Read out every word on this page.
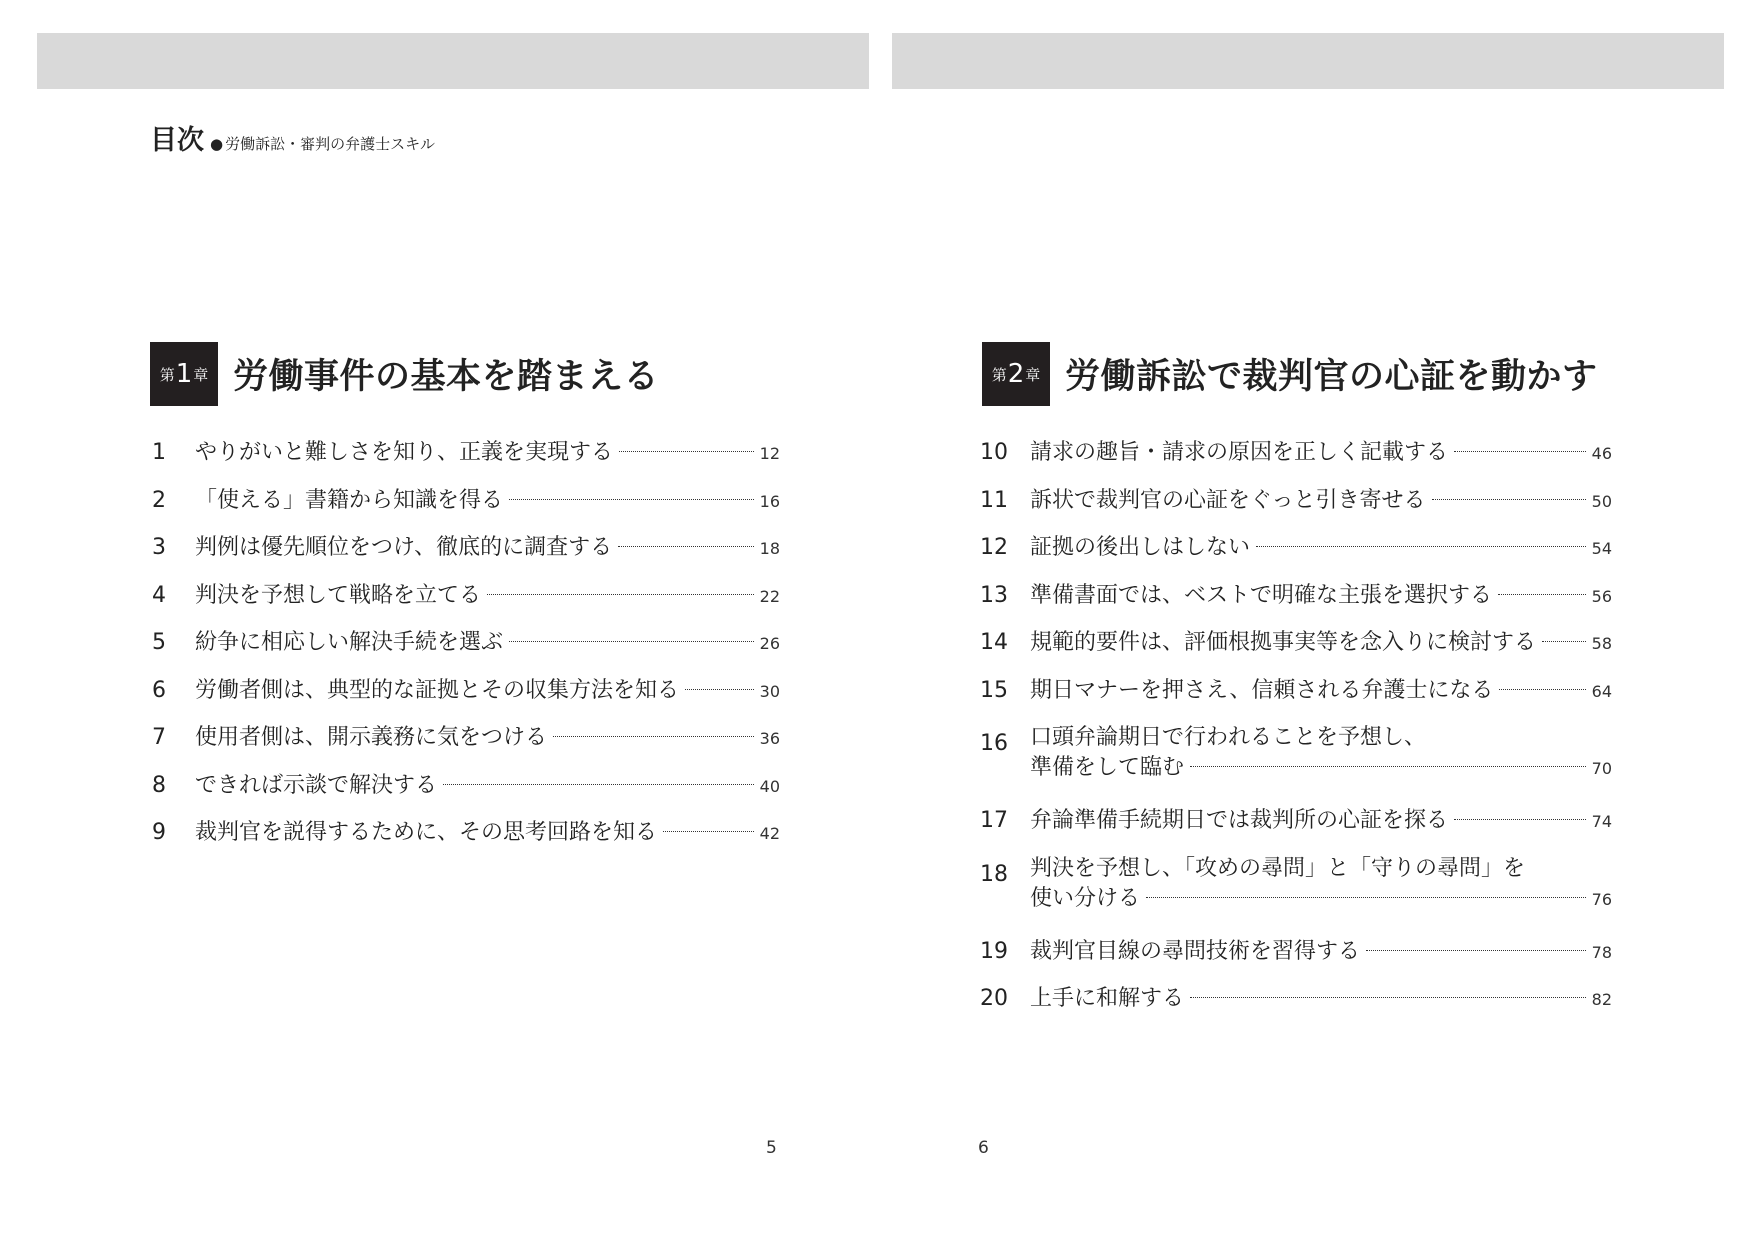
目次 ● 労働訴訟・審判の弁護士スキル
第 1 章 労働事件の基本を踏まえる
1 やりがいと難しさを知り、正義を実現する	12
2 「使える」書籍から知識を得る	16
3 判例は優先順位をつけ、徹底的に調査する	18
4 判決を予想して戦略を立てる	22
5 紛争に相応しい解決手続を選ぶ	26
6 労働者側は、典型的な証拠とその収集方法を知る	30
7 使用者側は、開示義務に気をつける	36
8 できれば示談で解決する	40
9 裁判官を説得するために、その思考回路を知る	42
第 2 章 労働訴訟で裁判官の心証を動かす
10 請求の趣旨・請求の原因を正しく記載する	46
11 訴状で裁判官の心証をぐっと引き寄せる	50
12 証拠の後出しはしない	54
13 準備書面では、ベストで明確な主張を選択する	56
14 規範的要件は、評価根拠事実等を念入りに検討する	58
15 期日マナーを押さえ、信頼される弁護士になる	64
16 口頭弁論期日で行われることを予想し、
準備をして臨む	70
17 弁論準備手続期日では裁判所の心証を探る	74
18 判決を予想し、「攻めの尋問」と「守りの尋問」を
使い分ける	76
19 裁判官目線の尋問技術を習得する	78
20 上手に和解する	82
5	6
